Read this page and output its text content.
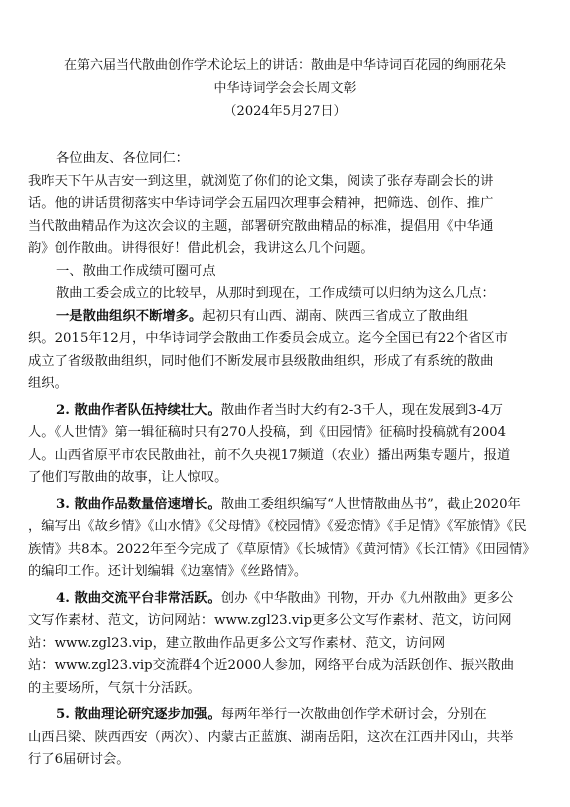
在第六届当代散曲创作学术论坛上的讲话：散曲是中华诗词百花园的绚丽花朵
中华诗词学会会长周文彰
（2024年5月27日）
各位曲友、各位同仁：
我昨天下午从吉安一到这里，就浏览了你们的论文集，阅读了张存寿副会长的讲
话。他的讲话贯彻落实中华诗词学会五届四次理事会精神，把筛选、创作、推广
当代散曲精品作为这次会议的主题，部署研究散曲精品的标准，提倡用《中华通
韵》创作散曲。讲得很好！借此机会，我讲这么几个问题。
一、散曲工作成绩可圈可点
散曲工委会成立的比较早，从那时到现在，工作成绩可以归纳为这么几点：
一是散曲组织不断增多。起初只有山西、湖南、陕西三省成立了散曲组
织。2015年12月，中华诗词学会散曲工作委员会成立。迄今全国已有22个省区市
成立了省级散曲组织，同时他们不断发展市县级散曲组织，形成了有系统的散曲
组织。
2. 散曲作者队伍持续壮大。散曲作者当时大约有2-3千人，现在发展到3-4万
人。《人世情》第一辑征稿时只有270人投稿，到《田园情》征稿时投稿就有2004
人。山西省原平市农民散曲社，前不久央视17频道（农业）播出两集专题片，报道
了他们写散曲的故事，让人惊叹。
3. 散曲作品数量倍速增长。散曲工委组织编写“人世情散曲丛书”，截止2020年
，编写出《故乡情》《山水情》《父母情》《校园情》《爱恋情》《手足情》《军旅情》《民
族情》共8本。2022年至今完成了《草原情》《长城情》《黄河情》《长江情》《田园情》
的编印工作。还计划编辑《边塞情》《丝路情》。
4. 散曲交流平台非常活跃。创办《中华散曲》刊物，开办《九州散曲》更多公
文写作素材、范文，访问网站：www.zgl23.vip更多公文写作素材、范文，访问网
站：www.zgl23.vip，建立散曲作品更多公文写作素材、范文，访问网
站：www.zgl23.vip交流群4个近2000人参加，网络平台成为活跃创作、振兴散曲
的主要场所，气氛十分活跃。
5. 散曲理论研究逐步加强。每两年举行一次散曲创作学术研讨会，分别在
山西吕梁、陕西西安（两次）、内蒙古正蓝旗、湖南岳阳，这次在江西井冈山，共举
行了6届研讨会。
